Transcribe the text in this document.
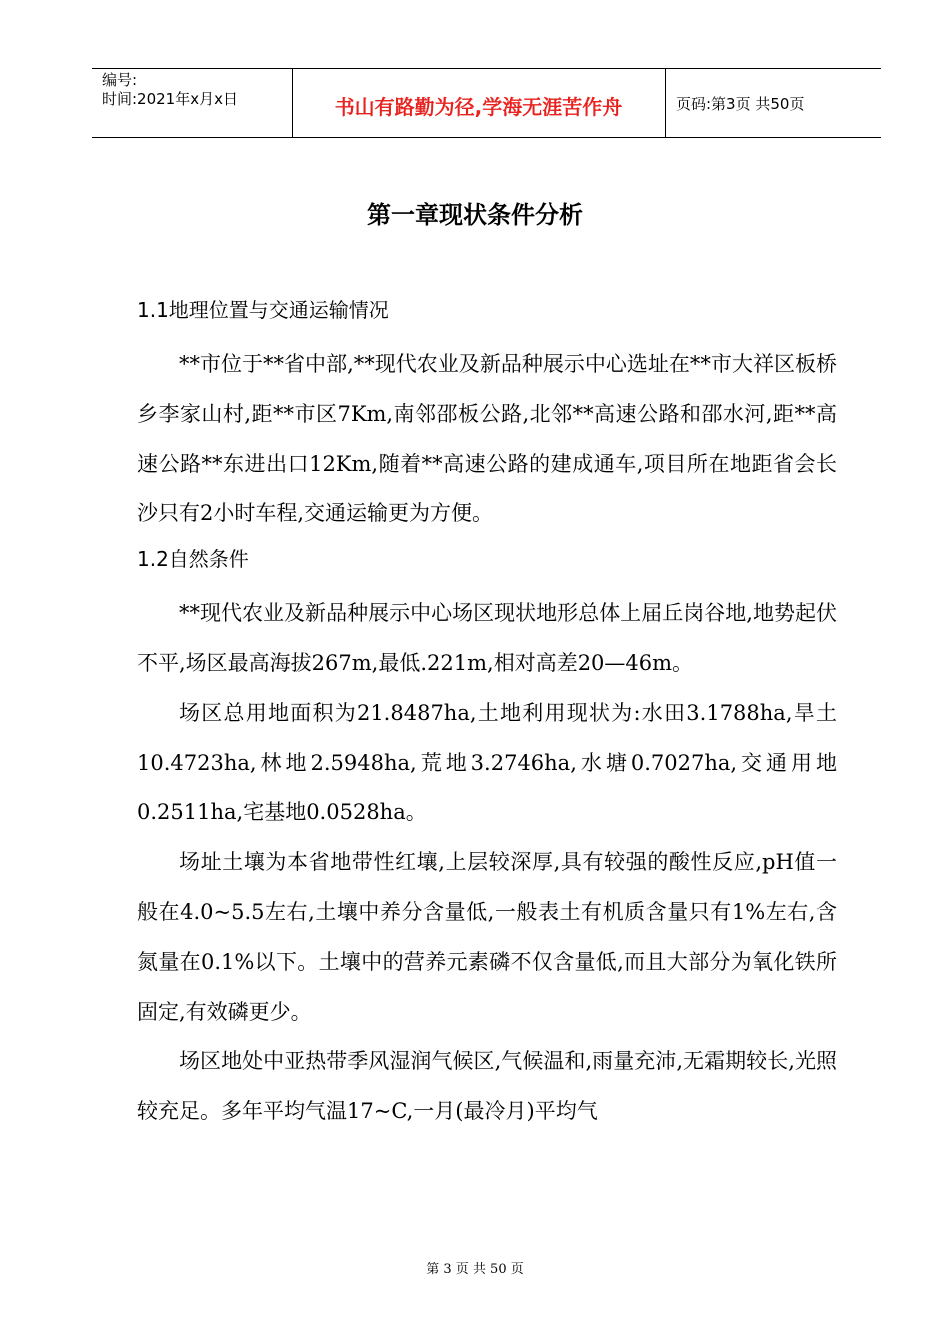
编号:
时间:2021年x月x日	书山有路勤为径,学海无涯苦作舟	页码:第3页 共50页
第一章现状条件分析
1.1地理位置与交通运输情况

**市位于**省中部,**现代农业及新品种展示中心选址在**市大祥区板桥乡李家山村,距**市区7Km,南邻邵板公路,北邻**高速公路和邵水河,距**高速公路**东进出口12Km,随着**高速公路的建成通车,项目所在地距省会长沙只有2小时车程,交通运输更为方便。

1.2自然条件

**现代农业及新品种展示中心场区现状地形总体上届丘岗谷地,地势起伏不平,场区最高海拔267m,最低.221m,相对高差20—46m。

场区总用地面积为21.8487ha,土地利用现状为:水田3.1788ha,旱土10.4723ha,林地2.5948ha,荒地3.2746ha,水塘0.7027ha,交通用地0.2511ha,宅基地0.0528ha。

场址土壤为本省地带性红壤,上层较深厚,具有较强的酸性反应,pH值一般在4.0~5.5左右,土壤中养分含量低,一般表土有机质含量只有1%左右,含氮量在0.1%以下。土壤中的营养元素磷不仅含量低,而且大部分为氧化铁所固定,有效磷更少。

场区地处中亚热带季风湿润气候区,气候温和,雨量充沛,无霜期较长,光照较充足。多年平均气温17~C,一月(最冷月)平均气

第 3 页 共 50 页
